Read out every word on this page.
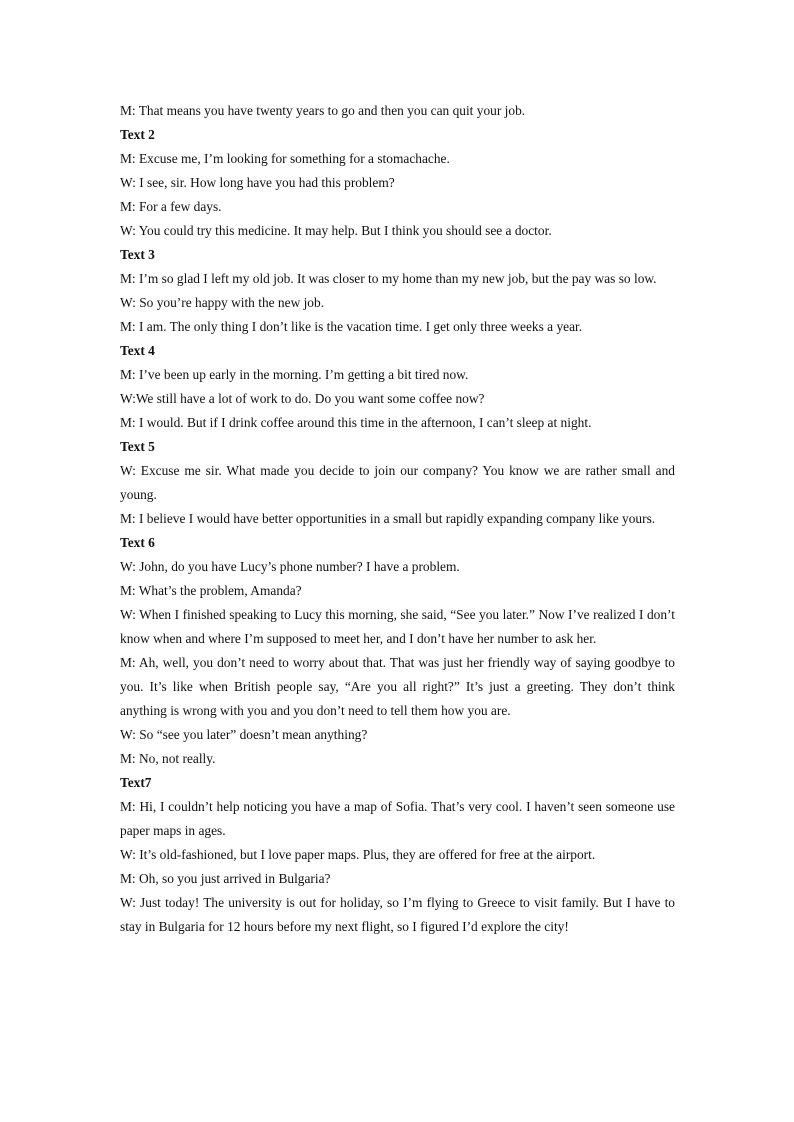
M: That means you have twenty years to go and then you can quit your job.

Text 2

M: Excuse me, I’m looking for something for a stomachache.

W: I see, sir. How long have you had this problem?

M: For a few days.

W: You could try this medicine. It may help. But I think you should see a doctor.

Text 3

M: I’m so glad I left my old job. It was closer to my home than my new job, but the pay was so low.

W: So you’re happy with the new job.

M: I am. The only thing I don’t like is the vacation time. I get only three weeks a year.

Text 4

M: I’ve been up early in the morning. I’m getting a bit tired now.

W:We still have a lot of work to do. Do you want some coffee now?

M: I would. But if I drink coffee around this time in the afternoon, I can’t sleep at night.

Text 5

W: Excuse me sir. What made you decide to join our company? You know we are rather small and young.

M: I believe I would have better opportunities in a small but rapidly expanding company like yours.

Text 6

W: John, do you have Lucy’s phone number? I have a problem.

M: What’s the problem, Amanda?

W: When I finished speaking to Lucy this morning, she said, “See you later.” Now I’ve realized I don’t know when and where I’m supposed to meet her, and I don’t have her number to ask her.

M: Ah, well, you don’t need to worry about that. That was just her friendly way of saying goodbye to you. It’s like when British people say, “Are you all right?” It’s just a greeting. They don’t think anything is wrong with you and you don’t need to tell them how you are.

W: So “see you later” doesn’t mean anything?

M: No, not really.

Text7

M: Hi, I couldn’t help noticing you have a map of Sofia. That’s very cool. I haven’t seen someone use paper maps in ages.

W: It’s old-fashioned, but I love paper maps. Plus, they are offered for free at the airport.

M: Oh, so you just arrived in Bulgaria?

W: Just today! The university is out for holiday, so I’m flying to Greece to visit family. But I have to stay in Bulgaria for 12 hours before my next flight, so I figured I’d explore the city!
